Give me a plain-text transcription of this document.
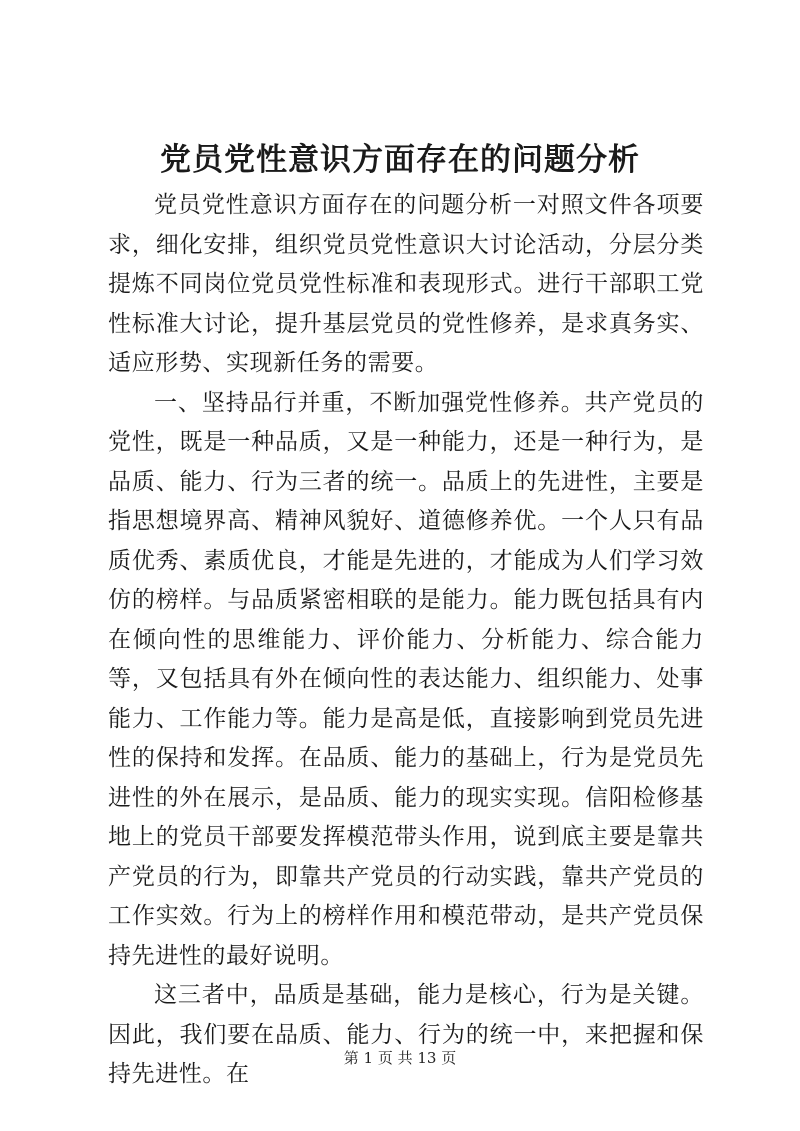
党员党性意识方面存在的问题分析

党员党性意识方面存在的问题分析一对照文件各项要求，细化安排，组织党员党性意识大讨论活动，分层分类提炼不同岗位党员党性标准和表现形式。进行干部职工党性标准大讨论，提升基层党员的党性修养，是求真务实、适应形势、实现新任务的需要。

一、坚持品行并重，不断加强党性修养。共产党员的党性，既是一种品质，又是一种能力，还是一种行为，是品质、能力、行为三者的统一。品质上的先进性，主要是指思想境界高、精神风貌好、道德修养优。一个人只有品质优秀、素质优良，才能是先进的，才能成为人们学习效仿的榜样。与品质紧密相联的是能力。能力既包括具有内在倾向性的思维能力、评价能力、分析能力、综合能力等，又包括具有外在倾向性的表达能力、组织能力、处事能力、工作能力等。能力是高是低，直接影响到党员先进性的保持和发挥。在品质、能力的基础上，行为是党员先进性的外在展示，是品质、能力的现实实现。信阳检修基地上的党员干部要发挥模范带头作用，说到底主要是靠共产党员的行为，即靠共产党员的行动实践，靠共产党员的工作实效。行为上的榜样作用和模范带动，是共产党员保持先进性的最好说明。

这三者中，品质是基础，能力是核心，行为是关键。因此，我们要在品质、能力、行为的统一中，来把握和保持先进性。在

第 1 页 共 13 页
